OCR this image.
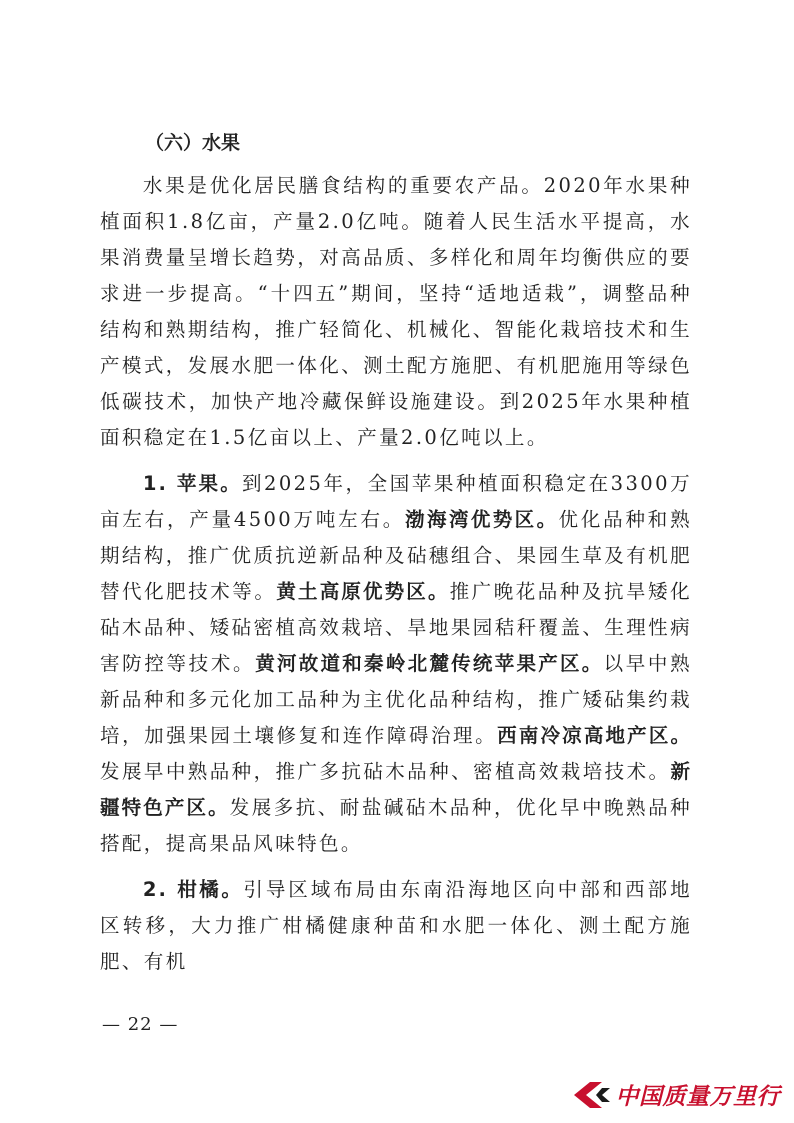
（六）水果

水果是优化居民膳食结构的重要农产品。2020年水果种植面积1.8亿亩，产量2.0亿吨。随着人民生活水平提高，水果消费量呈增长趋势，对高品质、多样化和周年均衡供应的要求进一步提高。“十四五”期间，坚持“适地适栽”，调整品种结构和熟期结构，推广轻简化、机械化、智能化栽培技术和生产模式，发展水肥一体化、测土配方施肥、有机肥施用等绿色低碳技术，加快产地冷藏保鲜设施建设。到2025年水果种植面积稳定在1.5亿亩以上、产量2.0亿吨以上。

1. 苹果。到2025年，全国苹果种植面积稳定在3300万亩左右，产量4500万吨左右。渤海湾优势区。优化品种和熟期结构，推广优质抗逆新品种及砧穗组合、果园生草及有机肥替代化肥技术等。黄土高原优势区。推广晚花品种及抗旱矮化砧木品种、矮砧密植高效栽培、旱地果园秸秆覆盖、生理性病害防控等技术。黄河故道和秦岭北麓传统苹果产区。以早中熟新品种和多元化加工品种为主优化品种结构，推广矮砧集约栽培，加强果园土壤修复和连作障碍治理。西南冷凉高地产区。发展早中熟品种，推广多抗砧木品种、密植高效栽培技术。新疆特色产区。发展多抗、耐盐碱砧木品种，优化早中晚熟品种搭配，提高果品风味特色。

2. 柑橘。引导区域布局由东南沿海地区向中部和西部地区转移，大力推广柑橘健康种苗和水肥一体化、测土配方施肥、有机

— 22 —
中国质量万里行
